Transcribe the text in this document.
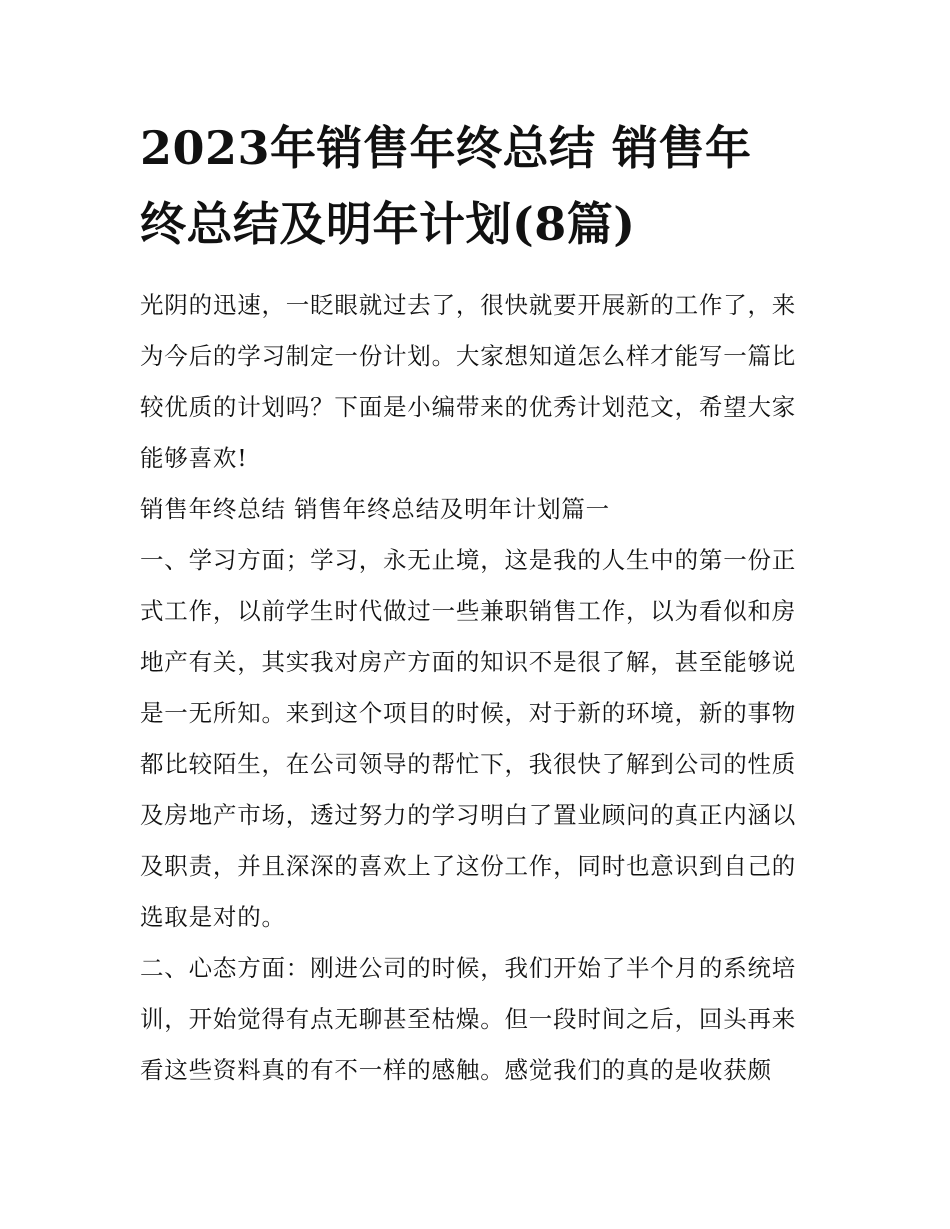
2023年销售年终总结 销售年
终总结及明年计划(8篇)

光阴的迅速，一眨眼就过去了，很快就要开展新的工作了，来为今后的学习制定一份计划。大家想知道怎么样才能写一篇比较优质的计划吗？下面是小编带来的优秀计划范文，希望大家能够喜欢!

销售年终总结 销售年终总结及明年计划篇一

一、学习方面；学习，永无止境，这是我的人生中的第一份正式工作，以前学生时代做过一些兼职销售工作，以为看似和房地产有关，其实我对房产方面的知识不是很了解，甚至能够说是一无所知。来到这个项目的时候，对于新的环境，新的事物都比较陌生，在公司领导的帮忙下，我很快了解到公司的性质及房地产市场，透过努力的学习明白了置业顾问的真正内涵以及职责，并且深深的喜欢上了这份工作，同时也意识到自己的选取是对的。

二、心态方面：刚进公司的时候，我们开始了半个月的系统培训，开始觉得有点无聊甚至枯燥。但一段时间之后，回头再来看这些资料真的有不一样的感触。感觉我们的真的是收获颇
